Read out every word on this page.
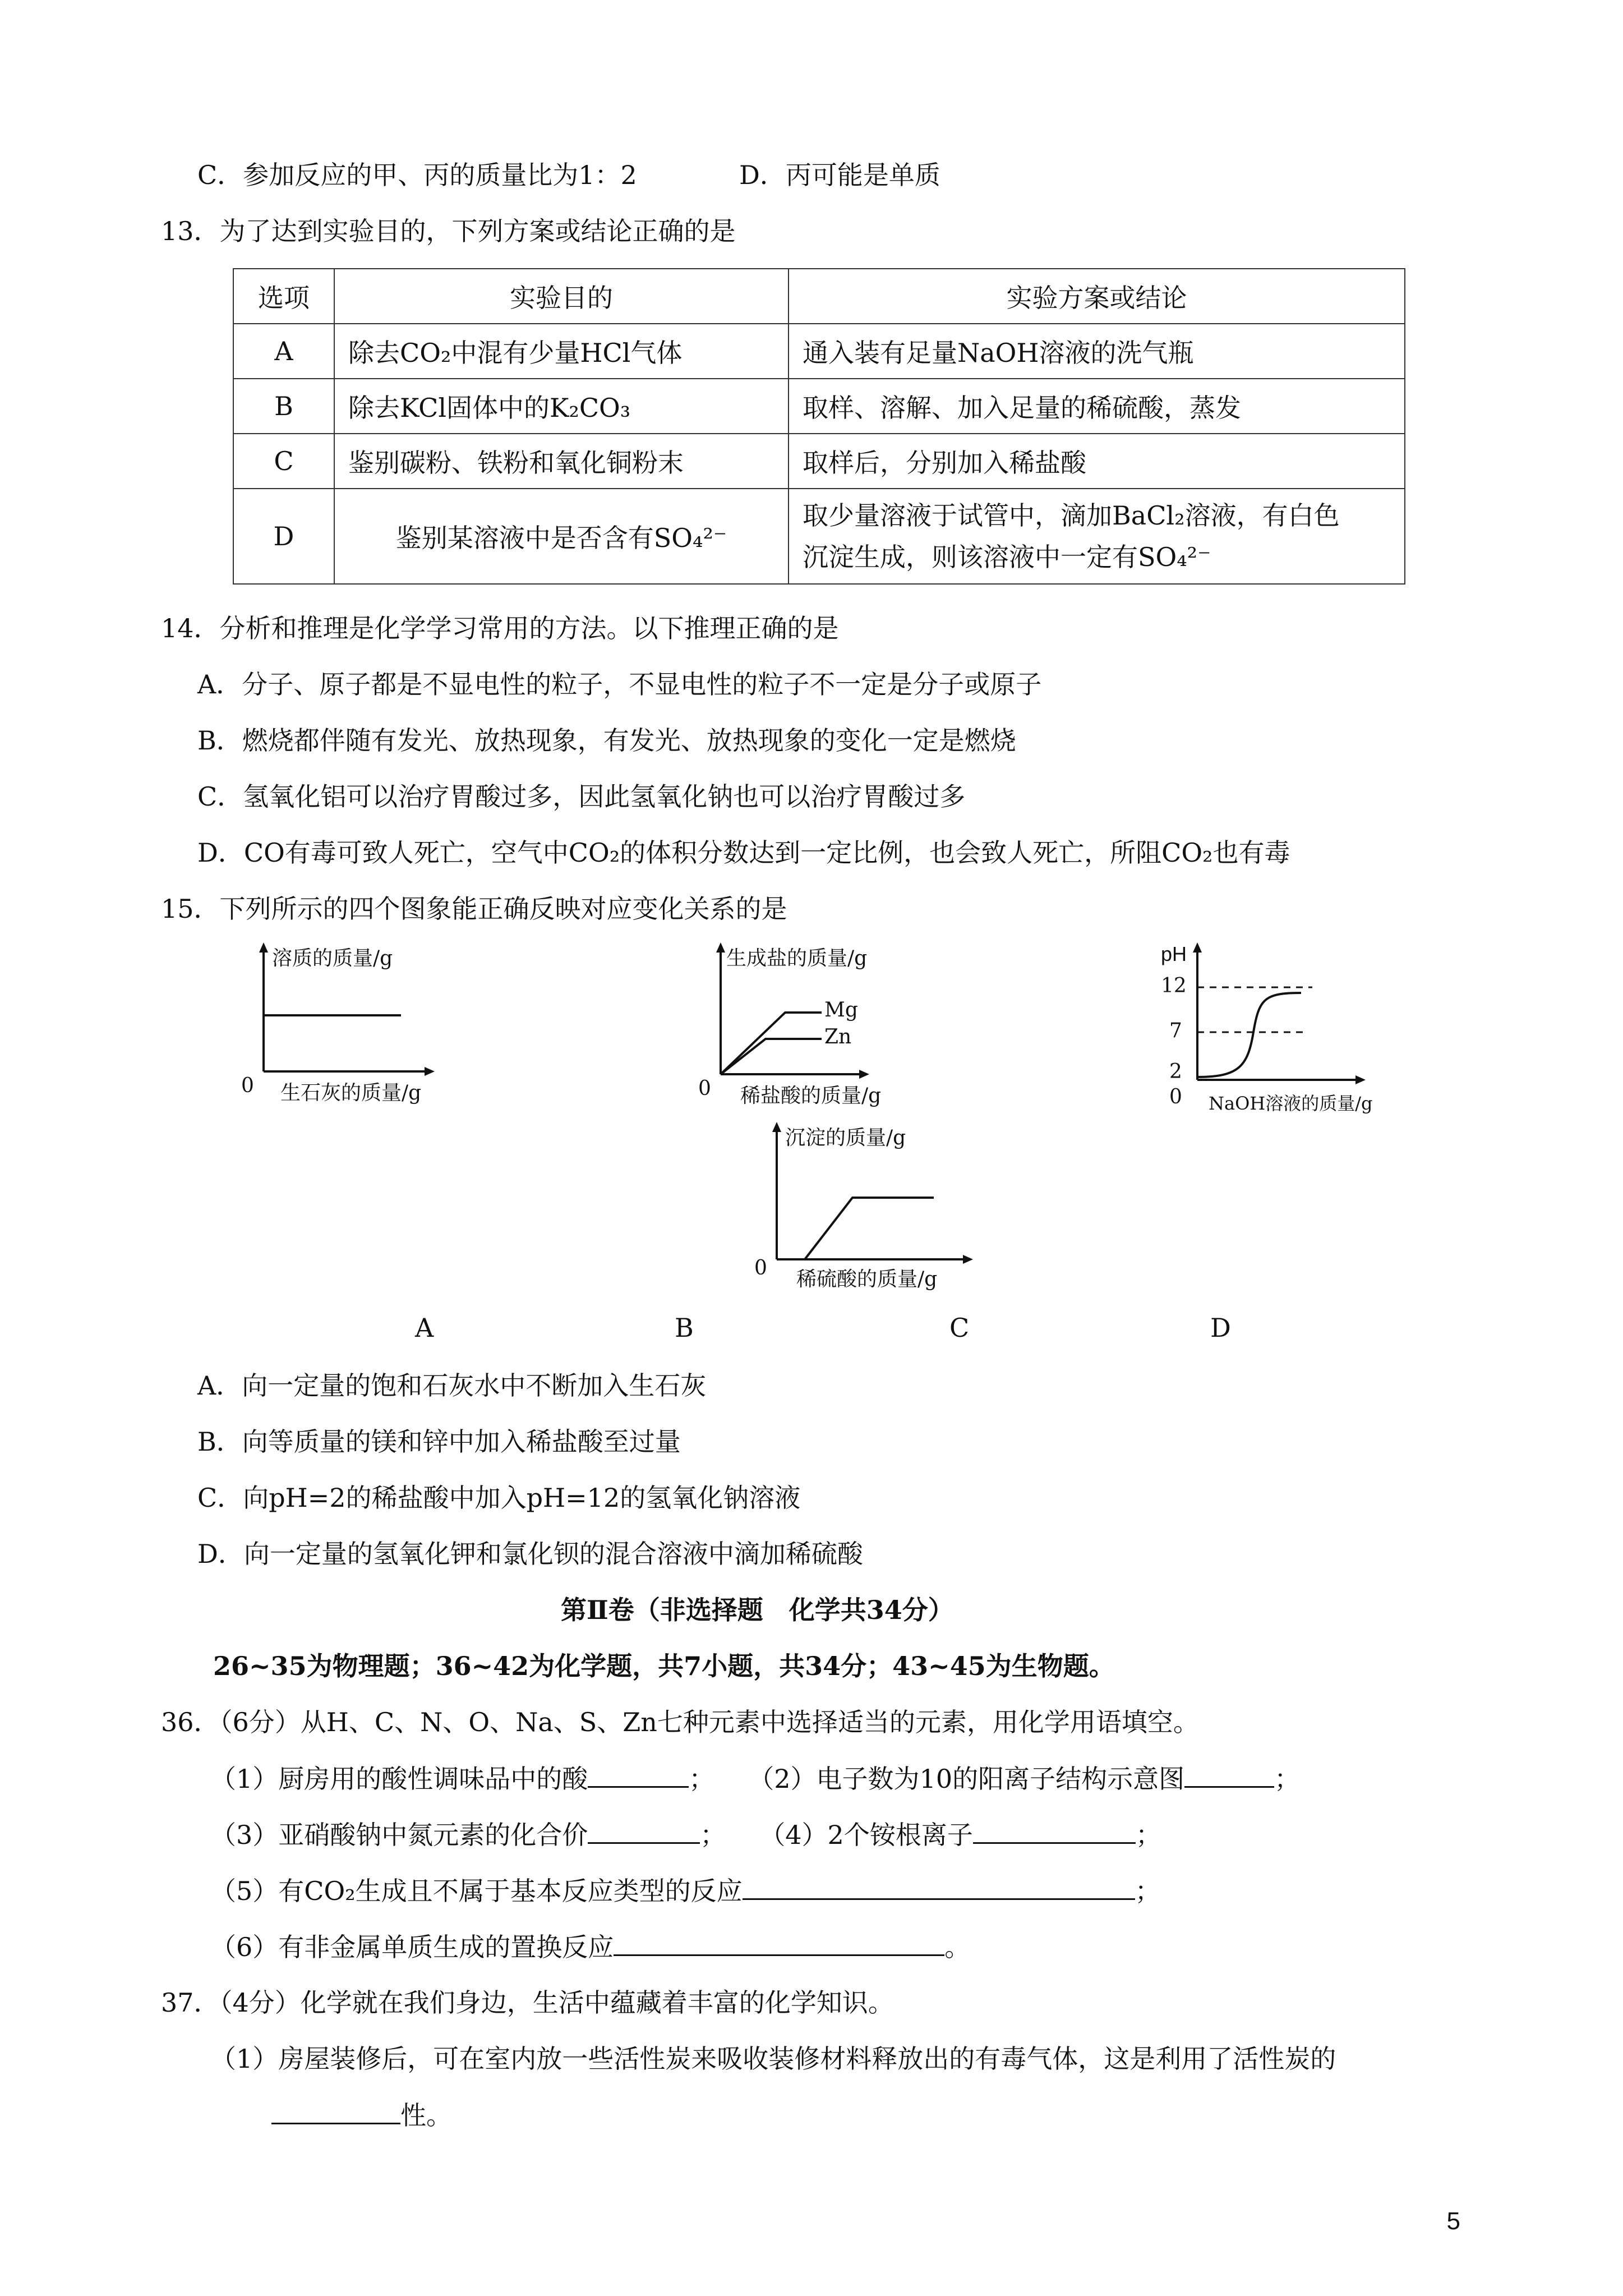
C．参加反应的甲、丙的质量比为1：2	D．丙可能是单质
13．为了达到实验目的，下列方案或结论正确的是
选项	实验目的	实验方案或结论
A	除去CO₂中混有少量HCl气体	通入装有足量NaOH溶液的洗气瓶
B	除去KCl固体中的K₂CO₃	取样、溶解、加入足量的稀硫酸，蒸发
C	鉴别碳粉、铁粉和氧化铜粉末	取样后，分别加入稀盐酸
D	鉴别某溶液中是否含有SO₄²⁻	取少量溶液于试管中，滴加BaCl₂溶液，有白色
沉淀生成，则该溶液中一定有SO₄²⁻
14．分析和推理是化学学习常用的方法。以下推理正确的是
A．分子、原子都是不显电性的粒子，不显电性的粒子不一定是分子或原子
B．燃烧都伴随有发光、放热现象，有发光、放热现象的变化一定是燃烧
C．氢氧化铝可以治疗胃酸过多，因此氢氧化钠也可以治疗胃酸过多
D．CO有毒可致人死亡，空气中CO₂的体积分数达到一定比例，也会致人死亡，所阻CO₂也有毒
15．下列所示的四个图象能正确反映对应变化关系的是
溶质的质量/g
生石灰的质量/g
0
生成盐的质量/g
Mg
Zn
稀盐酸的质量/g
0
pH
12
7
2
0 NaOH溶液的质量/g
沉淀的质量/g
稀硫酸的质量/g
0
A	B	C	D
A．向一定量的饱和石灰水中不断加入生石灰
B．向等质量的镁和锌中加入稀盐酸至过量
C．向pH=2的稀盐酸中加入pH=12的氢氧化钠溶液
D．向一定量的氢氧化钾和氯化钡的混合溶液中滴加稀硫酸
第Ⅱ卷（非选择题　化学共34分）
26~35为物理题；36~42为化学题，共7小题，共34分；43~45为生物题。
36．（6分）从H、C、N、O、Na、S、Zn七种元素中选择适当的元素，用化学用语填空。
（1）厨房用的酸性调味品中的酸	； （2）电子数为10的阳离子结构示意图	；
（3）亚硝酸钠中氮元素的化合价	； （4）2个铵根离子	；
（5）有CO₂生成且不属于基本反应类型的反应	；
（6）有非金属单质生成的置换反应	。
37．（4分）化学就在我们身边，生活中蕴藏着丰富的化学知识。
（1）房屋装修后，可在室内放一些活性炭来吸收装修材料释放出的有毒气体，这是利用了活性炭的
性。
5
